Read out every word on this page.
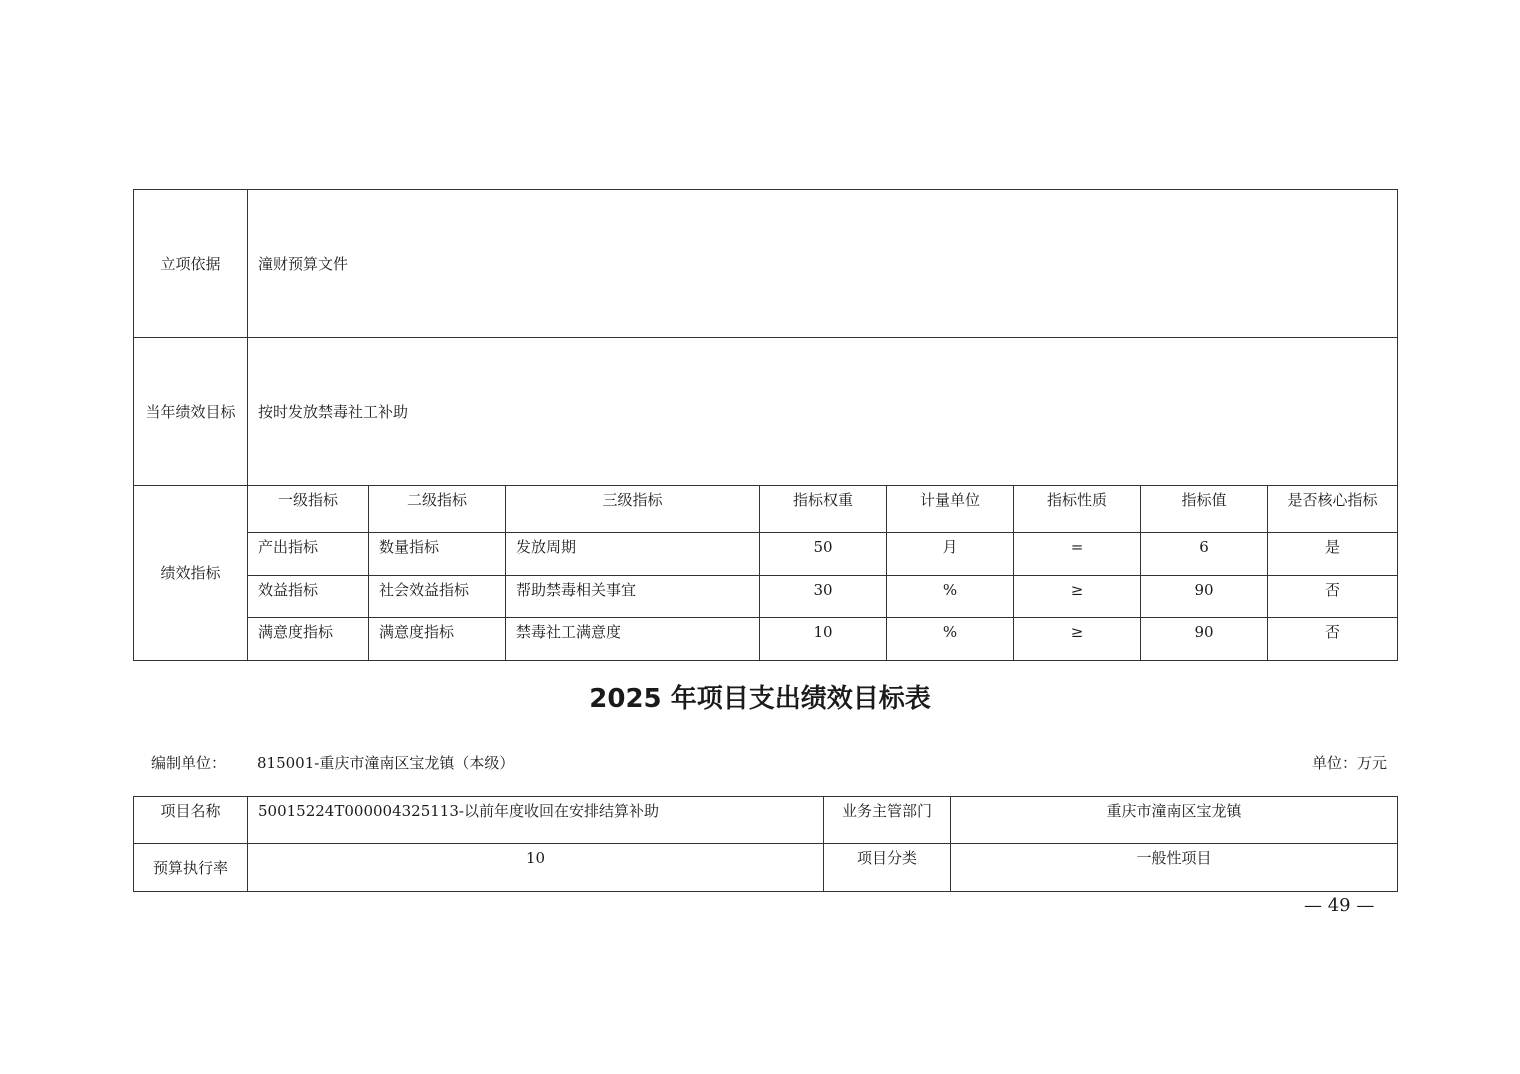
立项依据	潼财预算文件							
当年绩效目标	按时发放禁毒社工补助							
绩效指标	一级指标	二级指标	三级指标	指标权重	计量单位	指标性质	指标值	是否核心指标
	产出指标	数量指标	发放周期	50	月	=	6	是
	效益指标	社会效益指标	帮助禁毒相关事宜	30	%	≥	90	否
	满意度指标	满意度指标	禁毒社工满意度	10	%	≥	90	否
2025 年项目支出绩效目标表
编制单位： 815001-重庆市潼南区宝龙镇（本级）	单位：万元
项目名称	50015224T000004325113-以前年度收回在安排结算补助	业务主管部门	重庆市潼南区宝龙镇
预算执行率	10	项目分类	一般性项目
— 49 —
